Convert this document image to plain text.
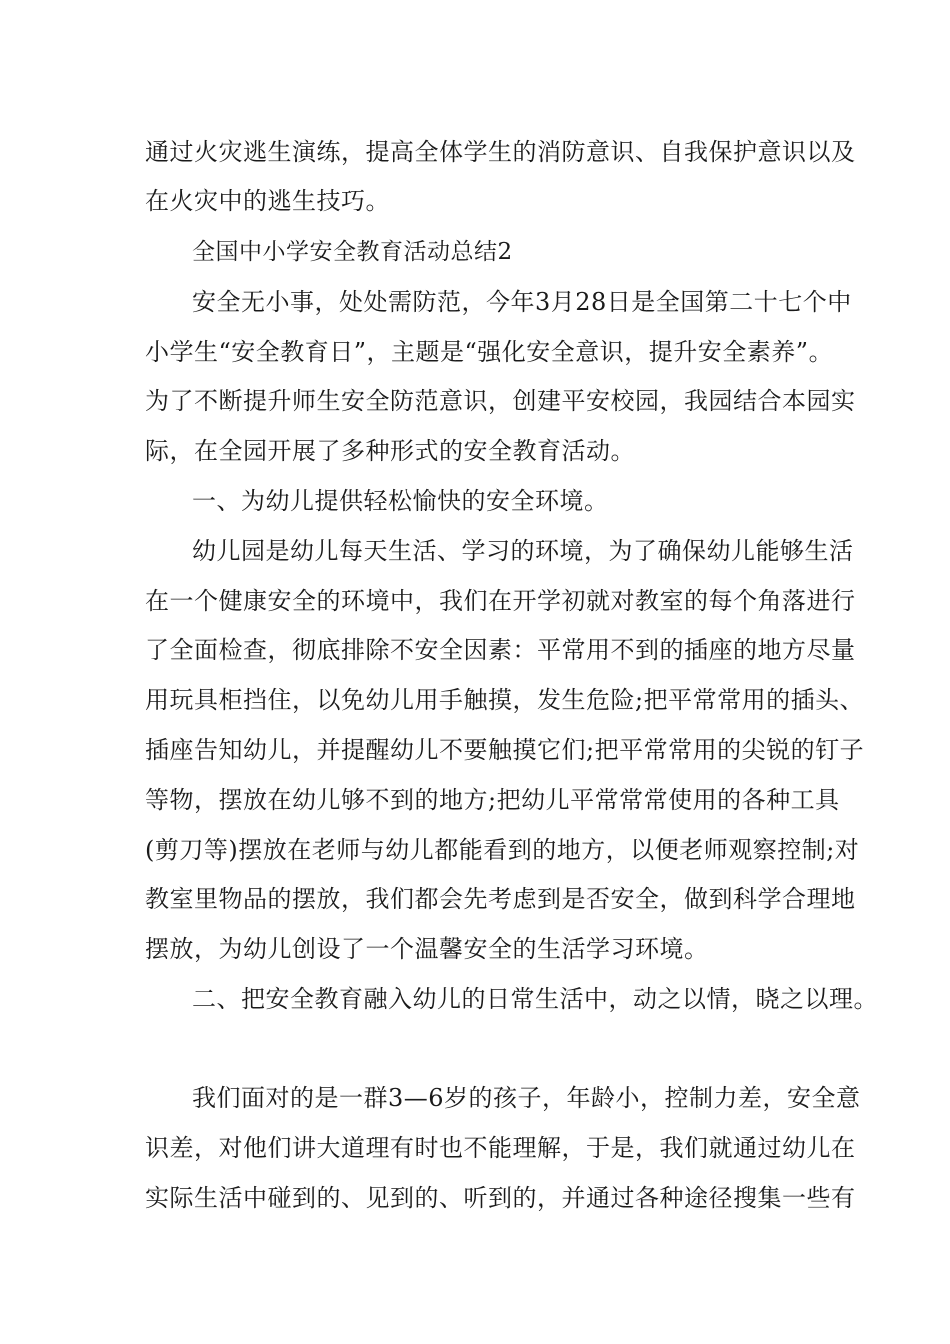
通过火灾逃生演练，提高全体学生的消防意识、自我保护意识以及

在火灾中的逃生技巧。

全国中小学安全教育活动总结2

安全无小事，处处需防范，今年3月28日是全国第二十七个中

小学生“安全教育日”，主题是“强化安全意识，提升安全素养”。

为了不断提升师生安全防范意识，创建平安校园，我园结合本园实

际，在全园开展了多种形式的安全教育活动。

一、为幼儿提供轻松愉快的安全环境。

幼儿园是幼儿每天生活、学习的环境，为了确保幼儿能够生活

在一个健康安全的环境中，我们在开学初就对教室的每个角落进行

了全面检查，彻底排除不安全因素：平常用不到的插座的地方尽量

用玩具柜挡住，以免幼儿用手触摸，发生危险;把平常常用的插头、

插座告知幼儿，并提醒幼儿不要触摸它们;把平常常用的尖锐的钉子

等物，摆放在幼儿够不到的地方;把幼儿平常常常使用的各种工具

(剪刀等)摆放在老师与幼儿都能看到的地方，以便老师观察控制;对

教室里物品的摆放，我们都会先考虑到是否安全，做到科学合理地

摆放，为幼儿创设了一个温馨安全的生活学习环境。

二、把安全教育融入幼儿的日常生活中，动之以情，晓之以理。

我们面对的是一群3—6岁的孩子，年龄小，控制力差，安全意

识差，对他们讲大道理有时也不能理解，于是，我们就通过幼儿在

实际生活中碰到的、见到的、听到的，并通过各种途径搜集一些有
